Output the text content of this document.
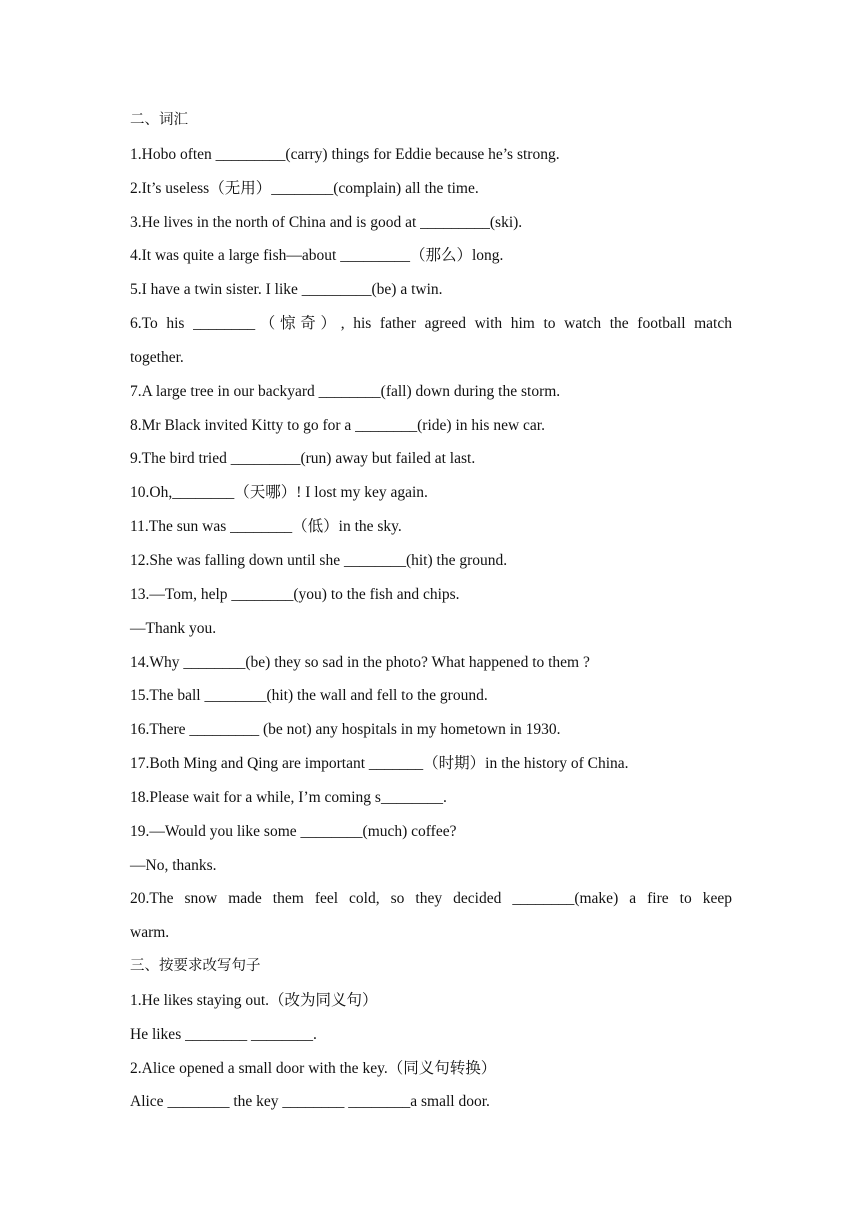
二、词汇
1.Hobo often _________(carry) things for Eddie because he’s strong.
2.It’s useless（无用）________(complain) all the time.
3.He lives in the north of China and is good at _________(ski).
4.It was quite a large fish—about _________（那么）long.
5.I have a twin sister. I like _________(be) a twin.
6.To his ________（惊奇）, his father agreed with him to watch the football match
together.
7.A large tree in our backyard ________(fall) down during the storm.
8.Mr Black invited Kitty to go for a ________(ride) in his new car.
9.The bird tried _________(run) away but failed at last.
10.Oh,________（天哪）! I lost my key again.
11.The sun was ________（低）in the sky.
12.She was falling down until she ________(hit) the ground.
13.—Tom, help ________(you) to the fish and chips.
—Thank you.
14.Why ________(be) they so sad in the photo? What happened to them ?
15.The ball ________(hit) the wall and fell to the ground.
16.There _________ (be not) any hospitals in my hometown in 1930.
17.Both Ming and Qing are important _______（时期）in the history of China.
18.Please wait for a while, I’m coming s________.
19.—Would you like some ________(much) coffee?
—No, thanks.
20.The snow made them feel cold, so they decided ________(make) a fire to keep
warm.
三、按要求改写句子
1.He likes staying out.（改为同义句）
He likes ________ ________.
2.Alice opened a small door with the key.（同义句转换）
Alice ________ the key ________ ________a small door.
